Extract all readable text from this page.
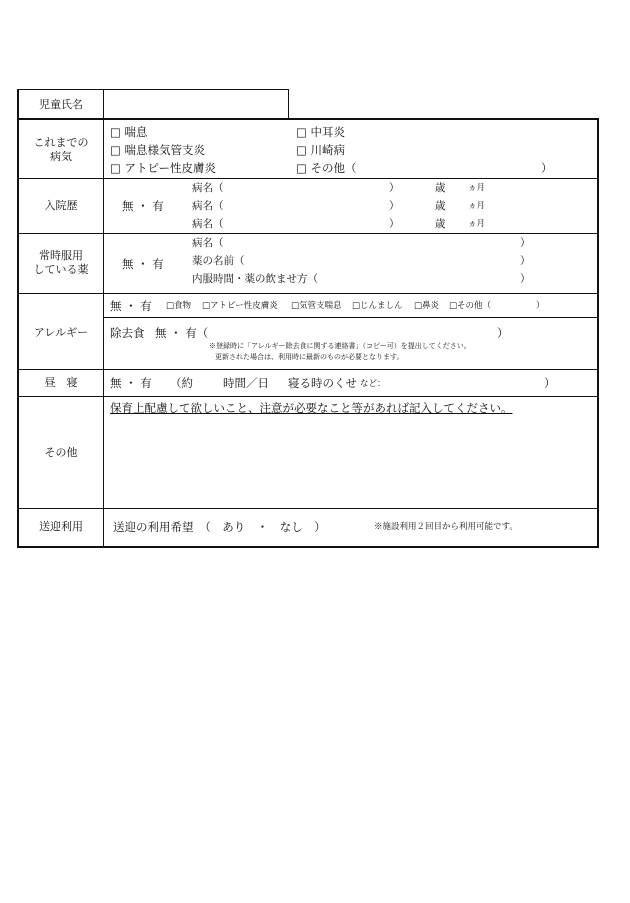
児童氏名
これまでの
病気
□ 喘息	□ 中耳炎
□ 喘息様気管支炎	□ 川崎病
□ アトピー性皮膚炎	□ その他（	）
入院歴	無 ・ 有
病名（	）	歳	ヵ月
病名（	）	歳	ヵ月
病名（	）	歳	ヵ月
常時服用
している薬	無 ・ 有
病名（	）
薬の名前（	）
内服時間・薬の飲ませ方（	）
アレルギー
無 ・ 有 □食物 □アトピー性皮膚炎 □気管支喘息 □じんましん □鼻炎 □その他（	）
除去食 無 ・ 有（	）
※登録時に「アレルギー除去食に関する連絡書」（コピー可）を提出してください。
更新された場合は、利用時に最新のものが必要となります。
昼　寝	無 ・ 有 （約	時間／日 寝る時のくせ など：	）
その他
保育上配慮して欲しいこと、注意が必要なこと等があれば記入してください。
送迎利用	送迎の利用希望　（　あり　・　なし　）	※施設利用２回目から利用可能です。
